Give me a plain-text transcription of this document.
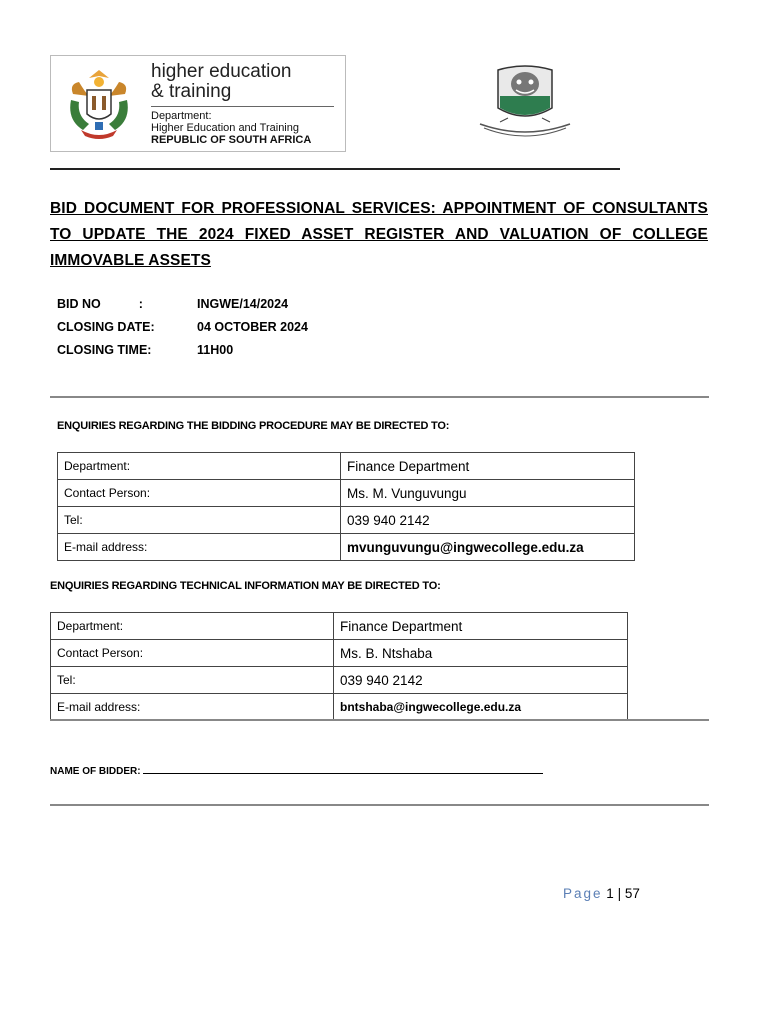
higher education
& training
Department:
Higher Education and Training
REPUBLIC OF SOUTH AFRICA
BID DOCUMENT FOR PROFESSIONAL SERVICES: APPOINTMENT OF CONSULTANTS TO UPDATE THE 2024 FIXED ASSET REGISTER AND VALUATION OF COLLEGE IMMOVABLE ASSETS
BID NO	:	INGWE/14/2024
CLOSING DATE:	04 OCTOBER 2024
CLOSING TIME:	11H00
ENQUIRIES REGARDING THE BIDDING PROCEDURE MAY BE DIRECTED TO:
Department:	Finance Department
Contact Person:	Ms. M. Vunguvungu
Tel:	039 940 2142
E-mail address:	mvunguvungu@ingwecollege.edu.za
ENQUIRIES REGARDING TECHNICAL INFORMATION MAY BE DIRECTED TO:
Department:	Finance Department
Contact Person:	Ms. B. Ntshaba
Tel:	039 940 2142
E-mail address:	bntshaba@ingwecollege.edu.za
NAME OF BIDDER:
Page 1 | 57
